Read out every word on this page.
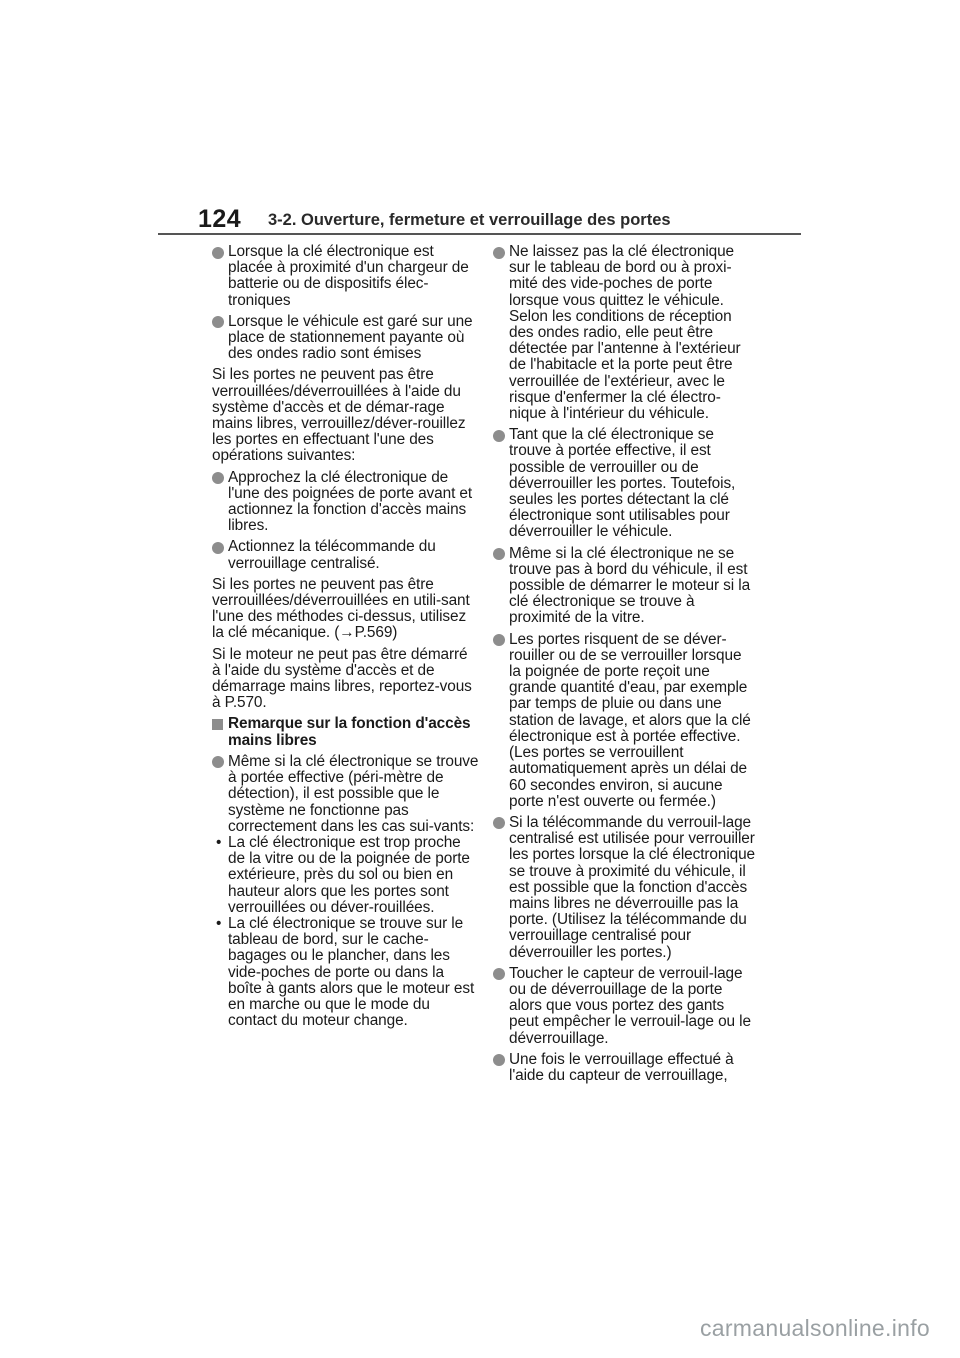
124 3-2. Ouverture, fermeture et verrouillage des portes
Lorsque la clé électronique est placée à proximité d'un chargeur de batterie ou de dispositifs élec-troniques
Lorsque le véhicule est garé sur une place de stationnement payante où des ondes radio sont émises
Si les portes ne peuvent pas être verrouillées/déverrouillées à l'aide du système d'accès et de démar-rage mains libres, verrouillez/déver-rouillez les portes en effectuant l'une des opérations suivantes:
Approchez la clé électronique de l'une des poignées de porte avant et actionnez la fonction d'accès mains libres.
Actionnez la télécommande du verrouillage centralisé.
Si les portes ne peuvent pas être verrouillées/déverrouillées en utili-sant l'une des méthodes ci-dessus, utilisez la clé mécanique. (→P.569)
Si le moteur ne peut pas être démarré à l'aide du système d'accès et de démarrage mains libres, reportez-vous à P.570.
Remarque sur la fonction d'accès mains libres
Même si la clé électronique se trouve à portée effective (péri-mètre de détection), il est possible que le système ne fonctionne pas correctement dans les cas sui-vants:
• La clé électronique est trop proche de la vitre ou de la poignée de porte extérieure, près du sol ou bien en hauteur alors que les portes sont verrouillées ou déver-rouillées.
• La clé électronique se trouve sur le tableau de bord, sur le cache-bagages ou le plancher, dans les vide-poches de porte ou dans la boîte à gants alors que le moteur est en marche ou que le mode du contact du moteur change.
Ne laissez pas la clé électronique sur le tableau de bord ou à proxi-mité des vide-poches de porte lorsque vous quittez le véhicule. Selon les conditions de réception des ondes radio, elle peut être détectée par l'antenne à l'extérieur de l'habitacle et la porte peut être verrouillée de l'extérieur, avec le risque d'enfermer la clé électro-nique à l'intérieur du véhicule.
Tant que la clé électronique se trouve à portée effective, il est possible de verrouiller ou de déverrouiller les portes. Toutefois, seules les portes détectant la clé électronique sont utilisables pour déverrouiller le véhicule.
Même si la clé électronique ne se trouve pas à bord du véhicule, il est possible de démarrer le moteur si la clé électronique se trouve à proximité de la vitre.
Les portes risquent de se déver-rouiller ou de se verrouiller lorsque la poignée de porte reçoit une grande quantité d'eau, par exemple par temps de pluie ou dans une station de lavage, et alors que la clé électronique est à portée effective. (Les portes se verrouillent automatiquement après un délai de 60 secondes environ, si aucune porte n'est ouverte ou fermée.)
Si la télécommande du verrouil-lage centralisé est utilisée pour verrouiller les portes lorsque la clé électronique se trouve à proximité du véhicule, il est possible que la fonction d'accès mains libres ne déverrouille pas la porte. (Utilisez la télécommande du verrouillage centralisé pour déverrouiller les portes.)
Toucher le capteur de verrouil-lage ou de déverrouillage de la porte alors que vous portez des gants peut empêcher le verrouil-lage ou le déverrouillage.
Une fois le verrouillage effectué à l'aide du capteur de verrouillage,
carmanualsonline.info
